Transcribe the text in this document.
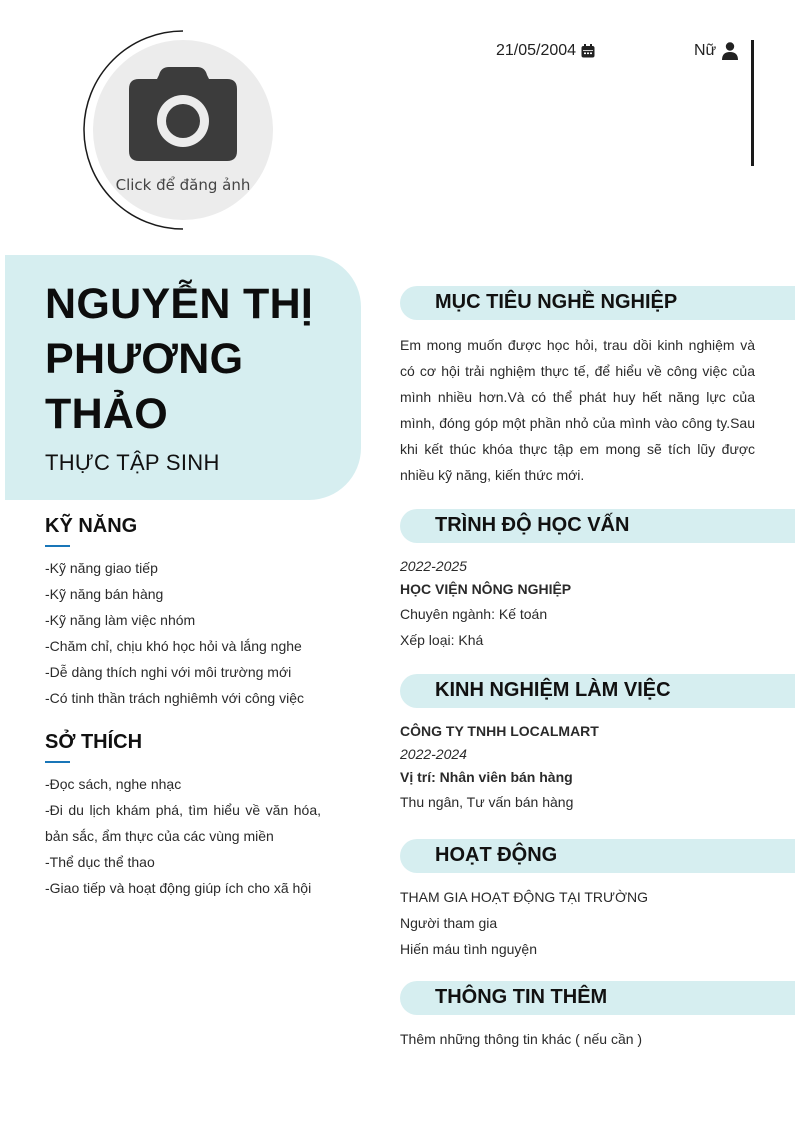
Click để đăng ảnh
21/05/2004	Nữ
NGUYỄN THỊ PHƯƠNG THẢO
THỰC TẬP SINH
KỸ NĂNG
-Kỹ năng giao tiếp
-Kỹ năng bán hàng
-Kỹ năng làm việc nhóm
-Chăm chỉ, chịu khó học hỏi và lắng nghe
-Dễ dàng thích nghi với môi trường mới
-Có tinh thần trách nghiêmh với công việc
SỞ THÍCH
-Đọc sách, nghe nhạc
-Đi du lịch khám phá, tìm hiểu về văn hóa, bản sắc, ẩm thực của các vùng miền
-Thể dục thể thao
-Giao tiếp và hoạt động giúp ích cho xã hội
MỤC TIÊU NGHỀ NGHIỆP
Em mong muốn được học hỏi, trau dồi kinh nghiệm và có cơ hội trải nghiệm thực tế, để hiểu về công việc của mình nhiều hơn.Và có thể phát huy hết năng lực của mình, đóng góp một phần nhỏ của mình vào công ty.Sau khi kết thúc khóa thực tập em mong sẽ tích lũy được nhiều kỹ năng, kiến thức mới.
TRÌNH ĐỘ HỌC VẤN
2022-2025
HỌC VIỆN NÔNG NGHIỆP
Chuyên ngành: Kế toán
Xếp loại: Khá
KINH NGHIỆM LÀM VIỆC
CÔNG TY TNHH LOCALMART
2022-2024
Vị trí: Nhân viên bán hàng
Thu ngân, Tư vấn bán hàng
HOẠT ĐỘNG
THAM GIA HOẠT ĐỘNG TẠI TRƯỜNG
Người tham gia
Hiến máu tình nguyện
THÔNG TIN THÊM
Thêm những thông tin khác ( nếu cần )
